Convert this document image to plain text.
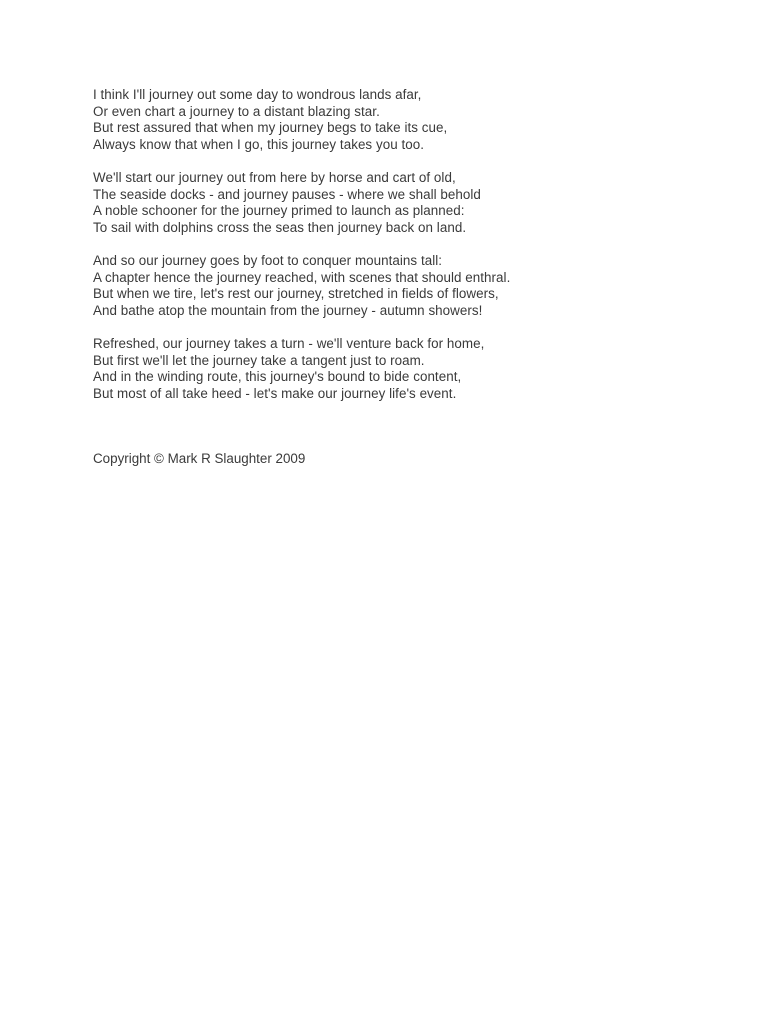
I think I'll journey out some day to wondrous lands afar,
Or even chart a journey to a distant blazing star.
But rest assured that when my journey begs to take its cue,
Always know that when I go, this journey takes you too.
We'll start our journey out from here by horse and cart of old,
The seaside docks - and journey pauses - where we shall behold
A noble schooner for the journey primed to launch as planned:
To sail with dolphins cross the seas then journey back on land.
And so our journey goes by foot to conquer mountains tall:
A chapter hence the journey reached, with scenes that should enthral.
But when we tire, let's rest our journey, stretched in fields of flowers,
And bathe atop the mountain from the journey - autumn showers!
Refreshed, our journey takes a turn - we'll venture back for home,
But first we'll let the journey take a tangent just to roam.
And in the winding route, this journey's bound to bide content,
But most of all take heed - let's make our journey life's event.
Copyright © Mark R Slaughter 2009
